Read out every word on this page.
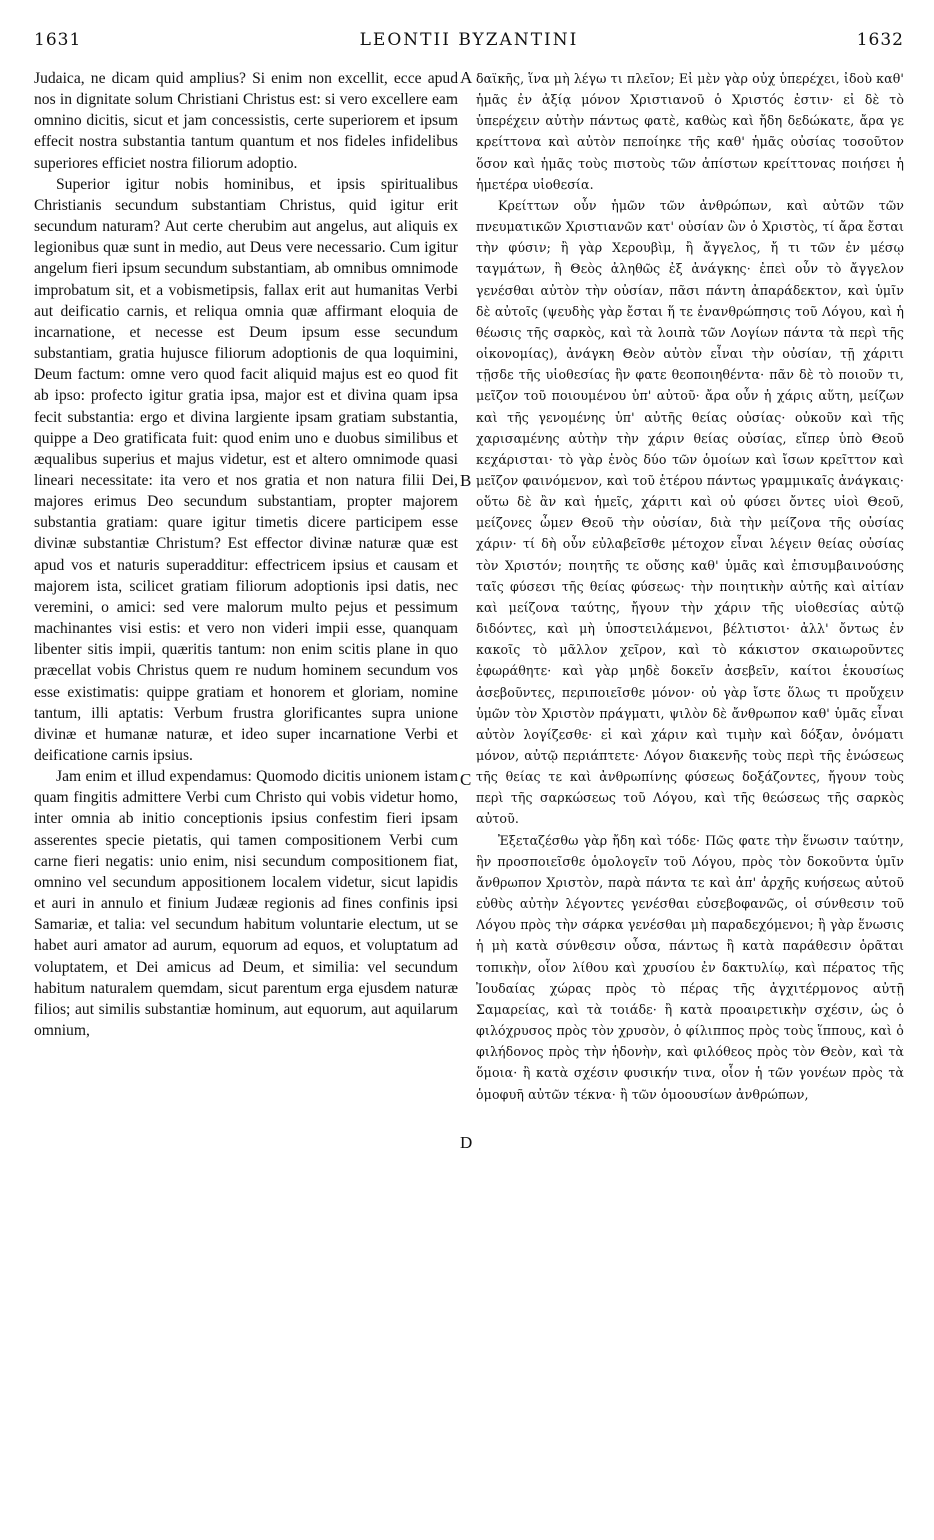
1631	LEONTII BYZANTINI	1632

Judaica, ne dicam quid amplius? Si enim non excellit, ecce apud nos in dignitate solum Christiani Christus est: si vero excellere eam omnino dicitis, sicut et jam concessistis, certe superiorem et ipsum effecit nostra substantia tantum quantum et nos fideles infidelibus superiores efficiet nostra filiorum adoptio.

Superior igitur nobis hominibus, et ipsis spiritualibus Christianis secundum substantiam Christus, quid igitur erit secundum naturam? Aut certe cherubim aut angelus, aut aliquis ex legionibus quæ sunt in medio, aut Deus vere necessario. Cum igitur angelum fieri ipsum secundum substantiam, ab omnibus omnimode improbatum sit, et a vobismetipsis, fallax erit aut humanitas Verbi aut deificatio carnis, et reliqua omnia quæ affirmant eloquia de incarnatione, et necesse est Deum ipsum esse secundum substantiam, gratia hujusce filiorum adoptionis de qua loquimini, Deum factum: omne vero quod facit aliquid majus est eo quod fit ab ipso: profecto igitur gratia ipsa, major est et divina quam ipsa fecit substantia: ergo et divina largiente ipsam gratiam substantia, quippe a Deo gratificata fuit: quod enim uno e duobus similibus et æqualibus superius et majus videtur, est et altero omnimode quasi lineari necessitate: ita vero et nos gratia et non natura filii Dei, majores erimus Deo secundum substantiam, propter majorem substantia gratiam: quare igitur timetis dicere participem esse divinæ substantiæ Christum? Est effector divinæ naturæ quæ est apud vos et naturis superadditur: effectricem ipsius et causam et majorem ista, scilicet gratiam filiorum adoptionis ipsi datis, nec veremini, o amici: sed vere malorum multo pejus et pessimum machinantes visi estis: et vero non videri impii esse, quanquam libenter sitis impii, quæritis tantum: non enim scitis plane in quo præcellat vobis Christus quem re nudum hominem secundum vos esse existimatis: quippe gratiam et honorem et gloriam, nomine tantum, illi aptatis: Verbum frustra glorificantes supra unione divinæ et humanæ naturæ, et ideo super incarnatione Verbi et deificatione carnis ipsius.

Jam enim et illud expendamus: Quomodo dicitis unionem istam quam fingitis admittere Verbi cum Christo qui vobis videtur homo, inter omnia ab initio conceptionis ipsius confestim fieri ipsam asserentes specie pietatis, qui tamen compositionem Verbi cum carne fieri negatis: unio enim, nisi secundum compositionem fiat, omnino vel secundum appositionem localem videtur, sicut lapidis et auri in annulo et finium Judææ regionis ad fines confinis ipsi Samariæ, et talia: vel secundum habitum voluntarie electum, ut se habet auri amator ad aurum, equorum ad equos, et voluptatum ad voluptatem, et Dei amicus ad Deum, et similia: vel secundum habitum naturalem quemdam, sicut parentum erga ejusdem naturæ filios; aut similis substantiæ hominum, aut equorum, aut aquilarum omnium,

A
B
C
D

δαϊκῆς, ἵνα μὴ λέγω τι πλεῖον; Εἰ μὲν γὰρ οὐχ ὑπερέχει, ἰδοὺ καθ' ἡμᾶς ἐν ἀξίᾳ μόνον Χριστιανοῦ ὁ Χριστός ἐστιν· εἰ δὲ τὸ ὑπερέχειν αὐτὴν πάντως φατὲ, καθὼς καὶ ἤδη δεδώκατε, ἄρα γε κρείττονα καὶ αὐτὸν πεποίηκε τῆς καθ' ἡμᾶς οὐσίας τοσοῦτον ὅσον καὶ ἡμᾶς τοὺς πιστοὺς τῶν ἀπίστων κρείττονας ποιήσει ἡ ἡμετέρα υἱοθεσία.

Κρείττων οὖν ἡμῶν τῶν ἀνθρώπων, καὶ αὐτῶν τῶν πνευματικῶν Χριστιανῶν κατ' οὐσίαν ὢν ὁ Χριστὸς, τί ἄρα ἔσται τὴν φύσιν; ἢ γὰρ Χερουβὶμ, ἢ ἄγγελος, ἤ τι τῶν ἐν μέσῳ ταγμάτων, ἢ Θεὸς ἀληθῶς ἐξ ἀνάγκης· ἐπεὶ οὖν τὸ ἄγγελον γενέσθαι αὐτὸν τὴν οὐσίαν, πᾶσι πάντη ἀπαράδεκτον, καὶ ὑμῖν δὲ αὐτοῖς (ψευδὴς γὰρ ἔσται ἥ τε ἐνανθρώπησις τοῦ Λόγου, καὶ ἡ θέωσις τῆς σαρκὸς, καὶ τὰ λοιπὰ τῶν Λογίων πάντα τὰ περὶ τῆς οἰκονομίας), ἀνάγκη Θεὸν αὐτὸν εἶναι τὴν οὐσίαν, τῇ χάριτι τῇσδε τῆς υἱοθεσίας ἣν φατε θεοποιηθέντα· πᾶν δὲ τὸ ποιοῦν τι, μεῖζον τοῦ ποιουμένου ὑπ' αὐτοῦ· ἄρα οὖν ἡ χάρις αὕτη, μείζων καὶ τῆς γενομένης ὑπ' αὐτῆς θείας οὐσίας· οὐκοῦν καὶ τῆς χαρισαμένης αὐτὴν τὴν χάριν θείας οὐσίας, εἴπερ ὑπὸ Θεοῦ κεχάρισται· τὸ γὰρ ἑνὸς δύο τῶν ὁμοίων καὶ ἴσων κρεῖττον καὶ μεῖζον φαινόμενον, καὶ τοῦ ἑτέρου πάντως γραμμικαῖς ἀνάγκαις· οὕτω δὲ ἂν καὶ ἡμεῖς, χάριτι καὶ οὐ φύσει ὄντες υἱοὶ Θεοῦ, μείζονες ὦμεν Θεοῦ τὴν οὐσίαν, διὰ τὴν μείζονα τῆς οὐσίας χάριν· τί δὴ οὖν εὐλαβεῖσθε μέτοχον εἶναι λέγειν θείας οὐσίας τὸν Χριστόν; ποιητῆς τε οὔσης καθ' ὑμᾶς καὶ ἐπισυμβαινούσης ταῖς φύσεσι τῆς θείας φύσεως· τὴν ποιητικὴν αὐτῆς καὶ αἰτίαν καὶ μείζονα ταύτης, ἤγουν τὴν χάριν τῆς υἱοθεσίας αὐτῷ διδόντες, καὶ μὴ ὑποστειλάμενοι, βέλτιστοι· ἀλλ' ὄντως ἐν κακοῖς τὸ μᾶλλον χεῖρον, καὶ τὸ κάκιστον σκαιωροῦντες ἐφωράθητε· καὶ γὰρ μηδὲ δοκεῖν ἀσεβεῖν, καίτοι ἑκουσίως ἀσεβοῦντες, περιποιεῖσθε μόνον· οὐ γὰρ ἴστε ὅλως τι προὔχειν ὑμῶν τὸν Χριστὸν πράγματι, ψιλὸν δὲ ἄνθρωπον καθ' ὑμᾶς εἶναι αὐτὸν λογίζεσθε· εἰ καὶ χάριν καὶ τιμὴν καὶ δόξαν, ὀνόματι μόνον, αὐτῷ περιάπτετε· Λόγον διακενῆς τοὺς περὶ τῆς ἑνώσεως τῆς θείας τε καὶ ἀνθρωπίνης φύσεως δοξάζοντες, ἤγουν τοὺς περὶ τῆς σαρκώσεως τοῦ Λόγου, καὶ τῆς θεώσεως τῆς σαρκὸς αὐτοῦ.

Ἐξεταζέσθω γὰρ ἤδη καὶ τόδε· Πῶς φατε τὴν ἕνωσιν ταύτην, ἣν προσποιεῖσθε ὁμολογεῖν τοῦ Λόγου, πρὸς τὸν δοκοῦντα ὑμῖν ἄνθρωπον Χριστὸν, παρὰ πάντα τε καὶ ἀπ' ἀρχῆς κυήσεως αὐτοῦ εὐθὺς αὐτὴν λέγοντες γενέσθαι εὐσεβοφανῶς, οἱ σύνθεσιν τοῦ Λόγου πρὸς τὴν σάρκα γενέσθαι μὴ παραδεχόμενοι; ἢ γὰρ ἕνωσις ἡ μὴ κατὰ σύνθεσιν οὖσα, πάντως ἢ κατὰ παράθεσιν ὁρᾶται τοπικὴν, οἷον λίθου καὶ χρυσίου ἐν δακτυλίῳ, καὶ πέρατος τῆς Ἰουδαίας χώρας πρὸς τὸ πέρας τῆς ἀγχιτέρμονος αὐτῇ Σαμαρείας, καὶ τὰ τοιάδε· ἢ κατὰ προαιρετικὴν σχέσιν, ὡς ὁ φιλόχρυσος πρὸς τὸν χρυσὸν, ὁ φίλιππος πρὸς τοὺς ἵππους, καὶ ὁ φιλήδονος πρὸς τὴν ἡδονὴν, καὶ φιλόθεος πρὸς τὸν Θεὸν, καὶ τὰ ὅμοια· ἢ κατὰ σχέσιν φυσικήν τινα, οἷον ἡ τῶν γονέων πρὸς τὰ ὁμοφυῆ αὐτῶν τέκνα· ἢ τῶν ὁμοουσίων ἀνθρώπων,
